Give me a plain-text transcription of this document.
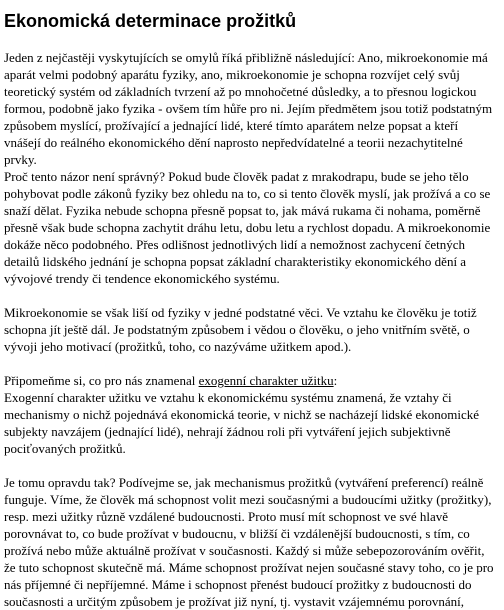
Ekonomická determinace prožitků

Jeden z nejčastěji vyskytujících se omylů říká přibližně následující: Ano, mikroekonomie má aparát velmi podobný aparátu fyziky, ano, mikroekonomie je schopna rozvíjet celý svůj teoretický systém od základních tvrzení až po mnohočetné důsledky, a to přesnou logickou formou, podobně jako fyzika - ovšem tím hůře pro ni. Jejím předmětem jsou totiž podstatným způsobem myslící, prožívající a jednající lidé, které tímto aparátem nelze popsat a kteří vnášejí do reálného ekonomického dění naprosto nepředvídatelné a teorii nezachytitelné prvky.

Proč tento názor není správný? Pokud bude člověk padat z mrakodrapu, bude se jeho tělo pohybovat podle zákonů fyziky bez ohledu na to, co si tento člověk myslí, jak prožívá a co se snaží dělat. Fyzika nebude schopna přesně popsat to, jak mává rukama či nohama, poměrně přesně však bude schopna zachytit dráhu letu, dobu letu a rychlost dopadu. A mikroekonomie dokáže něco podobného. Přes odlišnost jednotlivých lidí a nemožnost zachycení četných detailů lidského jednání je schopna popsat základní charakteristiky ekonomického dění a vývojové trendy či tendence ekonomického systému.

Mikroekonomie se však liší od fyziky v jedné podstatné věci. Ve vztahu ke člověku je totiž schopna jít ještě dál. Je podstatným způsobem i vědou o člověku, o jeho vnitřním světě, o vývoji jeho motivací (prožitků, toho, co nazýváme užitkem apod.).

Připomeňme si, co pro nás znamenal exogenní charakter užitku:

Exogenní charakter užitku ve vztahu k ekonomickému systému znamená, že vztahy či mechanismy o nichž pojednává ekonomická teorie, v nichž se nacházejí lidské ekonomické subjekty navzájem (jednající lidé), nehrají žádnou roli při vytváření jejich subjektivně pociťovaných prožitků.

Je tomu opravdu tak? Podívejme se, jak mechanismus prožitků (vytváření preferencí) reálně funguje. Víme, že člověk má schopnost volit mezi současnými a budoucími užitky (prožitky), resp. mezi užitky různě vzdálené budoucnosti. Proto musí mít schopnost ve své hlavě porovnávat to, co bude prožívat v budoucnu, v bližší či vzdálenější budoucnosti, s tím, co prožívá nebo může aktuálně prožívat v současnosti. Každý si může sebepozorováním ověřit, že tuto schopnost skutečně má. Máme schopnost prožívat nejen současné stavy toho, co je pro nás příjemné či nepříjemné. Máme i schopnost přenést budoucí prožitky z budoucnosti do současnosti a určitým způsobem je prožívat již nyní, tj. vystavit vzájemnému porovnání,
